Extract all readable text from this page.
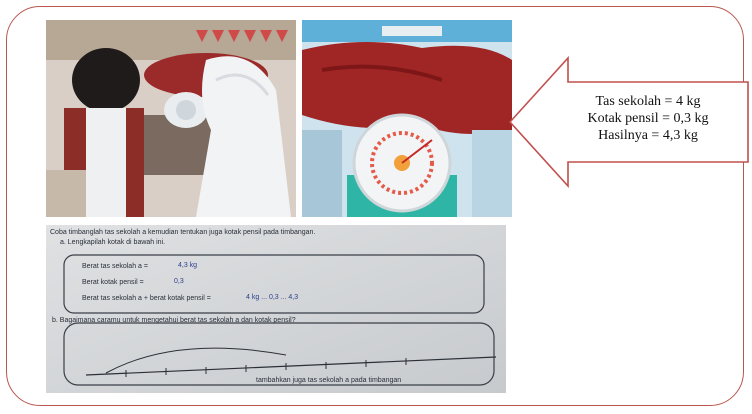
Coba timbanglah tas sekolah a kemudian tentukan juga kotak pensil pada timbangan.
a. Lengkapilah kotak di bawah ini.
Berat tas sekolah a =	4,3 kg
Berat kotak pensil =	0,3
Berat tas sekolah a + berat kotak pensil =	4 kg ... 0,3 ... 4,3
b. Bagaimana caramu untuk mengetahui berat tas sekolah a dan kotak pensil?
tambahkan juga tas sekolah a pada timbangan
Tas sekolah = 4 kg
Kotak pensil = 0,3 kg
Hasilnya = 4,3 kg
